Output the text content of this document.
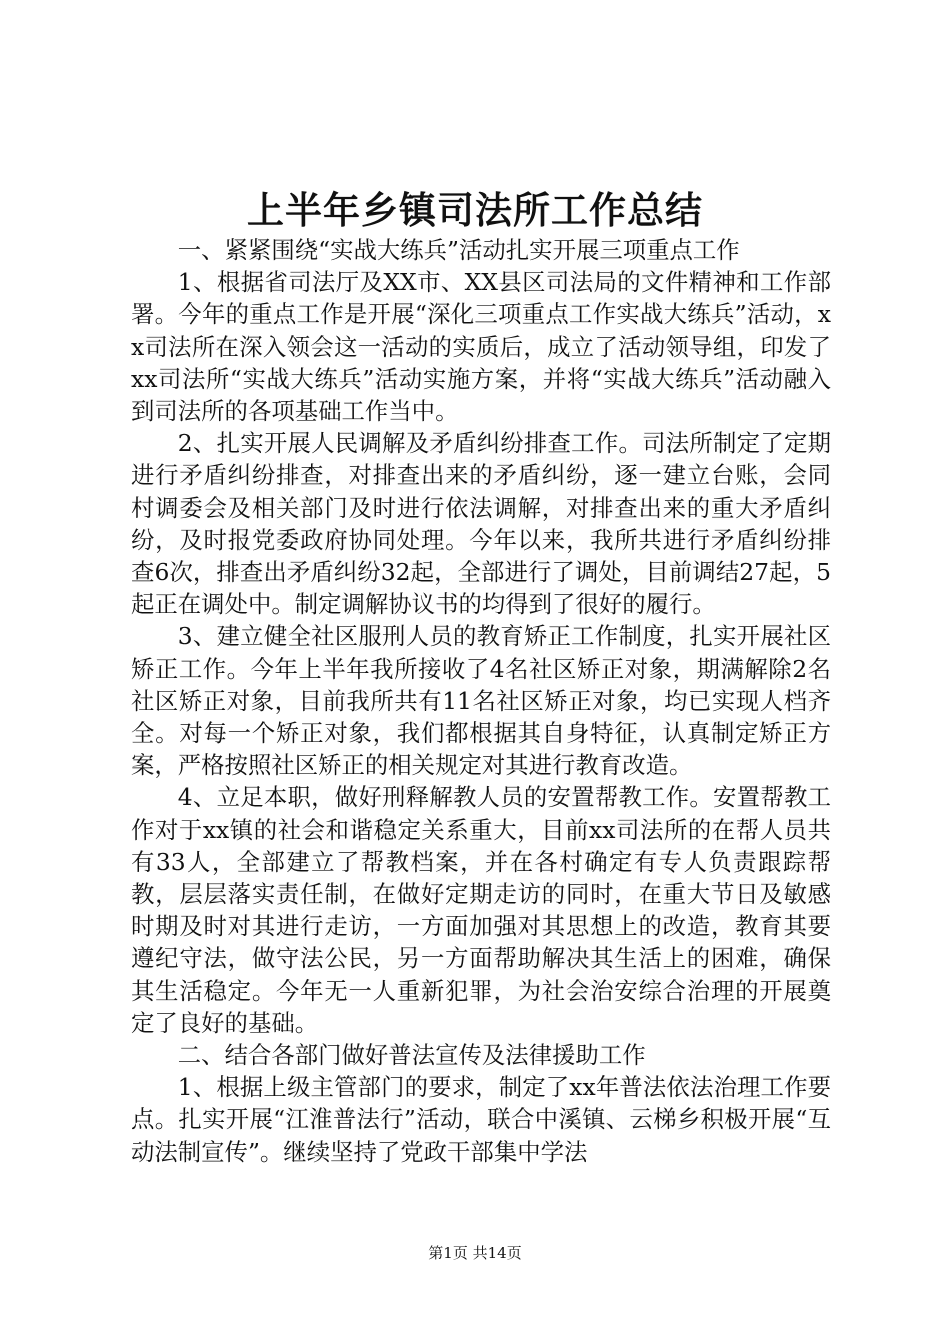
上半年乡镇司法所工作总结

一、紧紧围绕“实战大练兵”活动扎实开展三项重点工作

1、根据省司法厅及XX市、XX县区司法局的文件精神和工作部署。今年的重点工作是开展“深化三项重点工作实战大练兵”活动，xx司法所在深入领会这一活动的实质后，成立了活动领导组，印发了xx司法所“实战大练兵”活动实施方案，并将“实战大练兵”活动融入到司法所的各项基础工作当中。

2、扎实开展人民调解及矛盾纠纷排查工作。司法所制定了定期进行矛盾纠纷排查，对排查出来的矛盾纠纷，逐一建立台账，会同村调委会及相关部门及时进行依法调解，对排查出来的重大矛盾纠纷，及时报党委政府协同处理。今年以来，我所共进行矛盾纠纷排查6次，排查出矛盾纠纷32起，全部进行了调处，目前调结27起，5起正在调处中。制定调解协议书的均得到了很好的履行。

3、建立健全社区服刑人员的教育矫正工作制度，扎实开展社区矫正工作。今年上半年我所接收了4名社区矫正对象，期满解除2名社区矫正对象，目前我所共有11名社区矫正对象，均已实现人档齐全。对每一个矫正对象，我们都根据其自身特征，认真制定矫正方案，严格按照社区矫正的相关规定对其进行教育改造。

4、立足本职，做好刑释解教人员的安置帮教工作。安置帮教工作对于xx镇的社会和谐稳定关系重大，目前xx司法所的在帮人员共有33人，全部建立了帮教档案，并在各村确定有专人负责跟踪帮教，层层落实责任制，在做好定期走访的同时，在重大节日及敏感时期及时对其进行走访，一方面加强对其思想上的改造，教育其要遵纪守法，做守法公民，另一方面帮助解决其生活上的困难，确保其生活稳定。今年无一人重新犯罪，为社会治安综合治理的开展奠定了良好的基础。

二、结合各部门做好普法宣传及法律援助工作

1、根据上级主管部门的要求，制定了xx年普法依法治理工作要点。扎实开展“江淮普法行”活动，联合中溪镇、云梯乡积极开展“互动法制宣传”。继续坚持了党政干部集中学法

第1页 共14页
